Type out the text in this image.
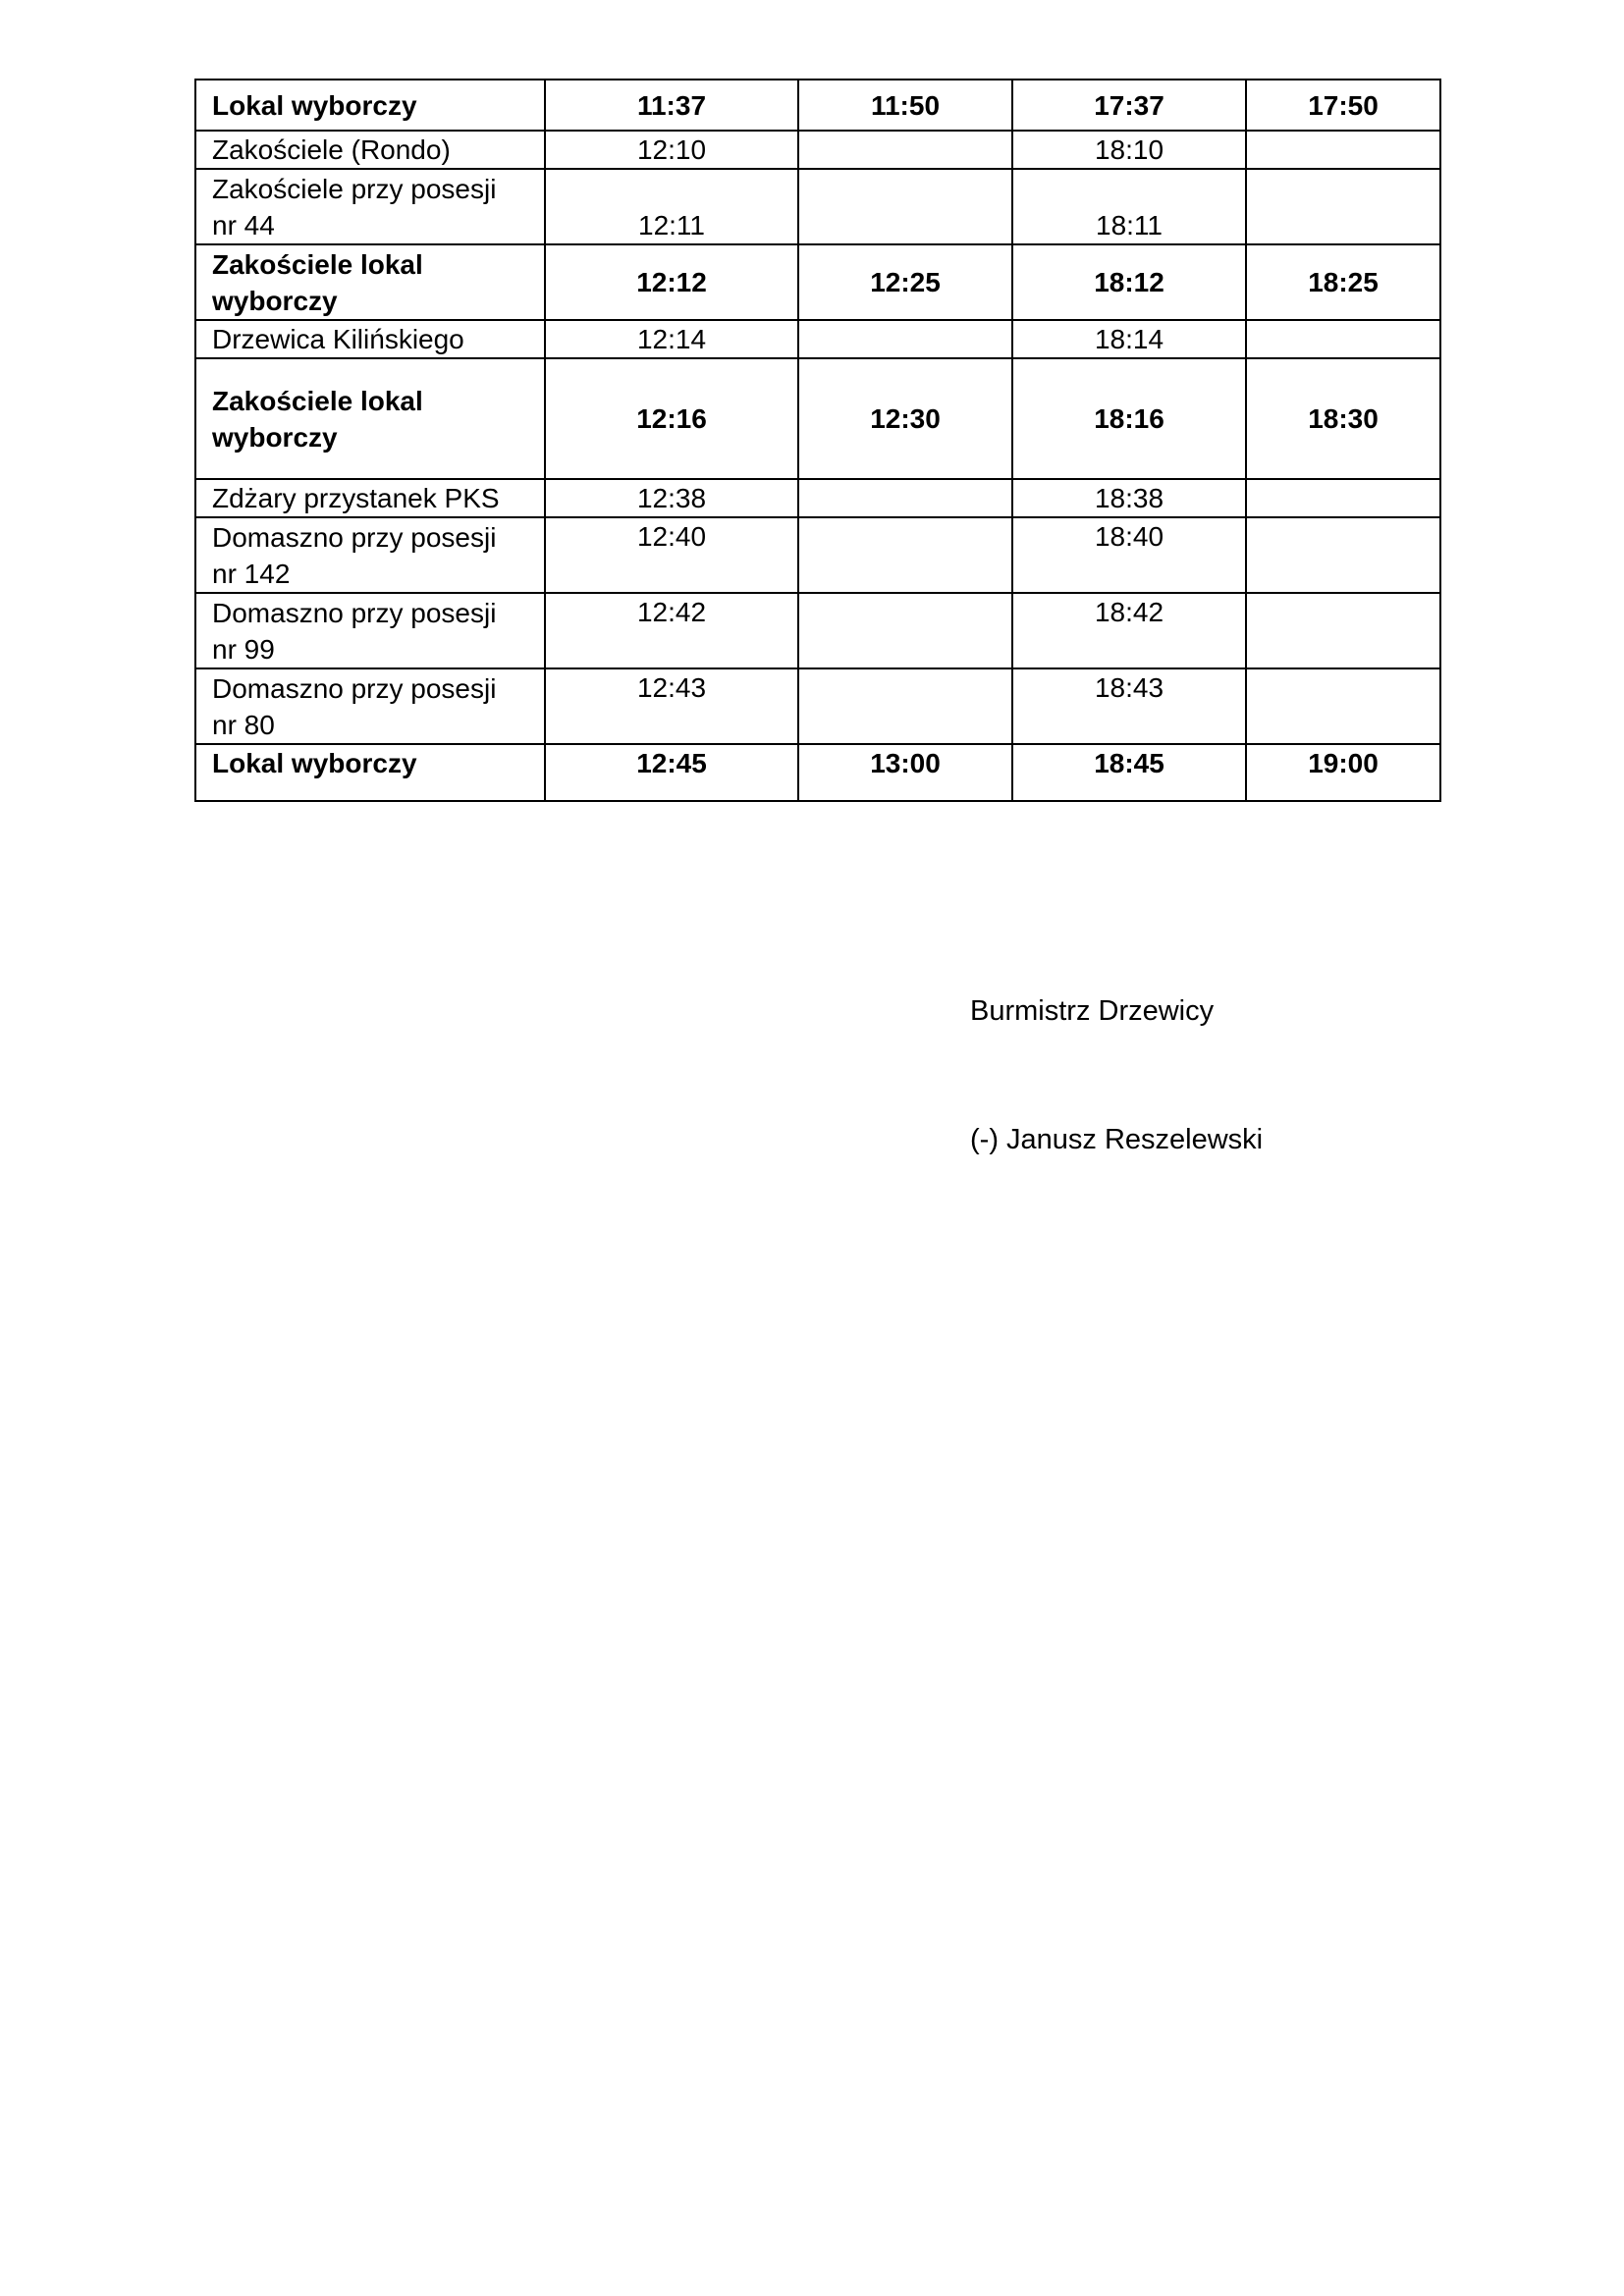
Lokal wyborczy	11:37	11:50	17:37	17:50
Zakościele (Rondo)	12:10		18:10	
Zakościele przy posesji nr 44	12:11		18:11	
Zakościele lokal wyborczy	12:12	12:25	18:12	18:25
Drzewica Kilińskiego	12:14		18:14	
Zakościele lokal wyborczy	12:16	12:30	18:16	18:30
Zdżary przystanek PKS	12:38		18:38	
Domaszno przy posesji nr 142	12:40		18:40	
Domaszno przy posesji nr 99	12:42		18:42	
Domaszno przy posesji nr 80	12:43		18:43	
Lokal wyborczy	12:45	13:00	18:45	19:00
Burmistrz Drzewicy
(-) Janusz Reszelewski
